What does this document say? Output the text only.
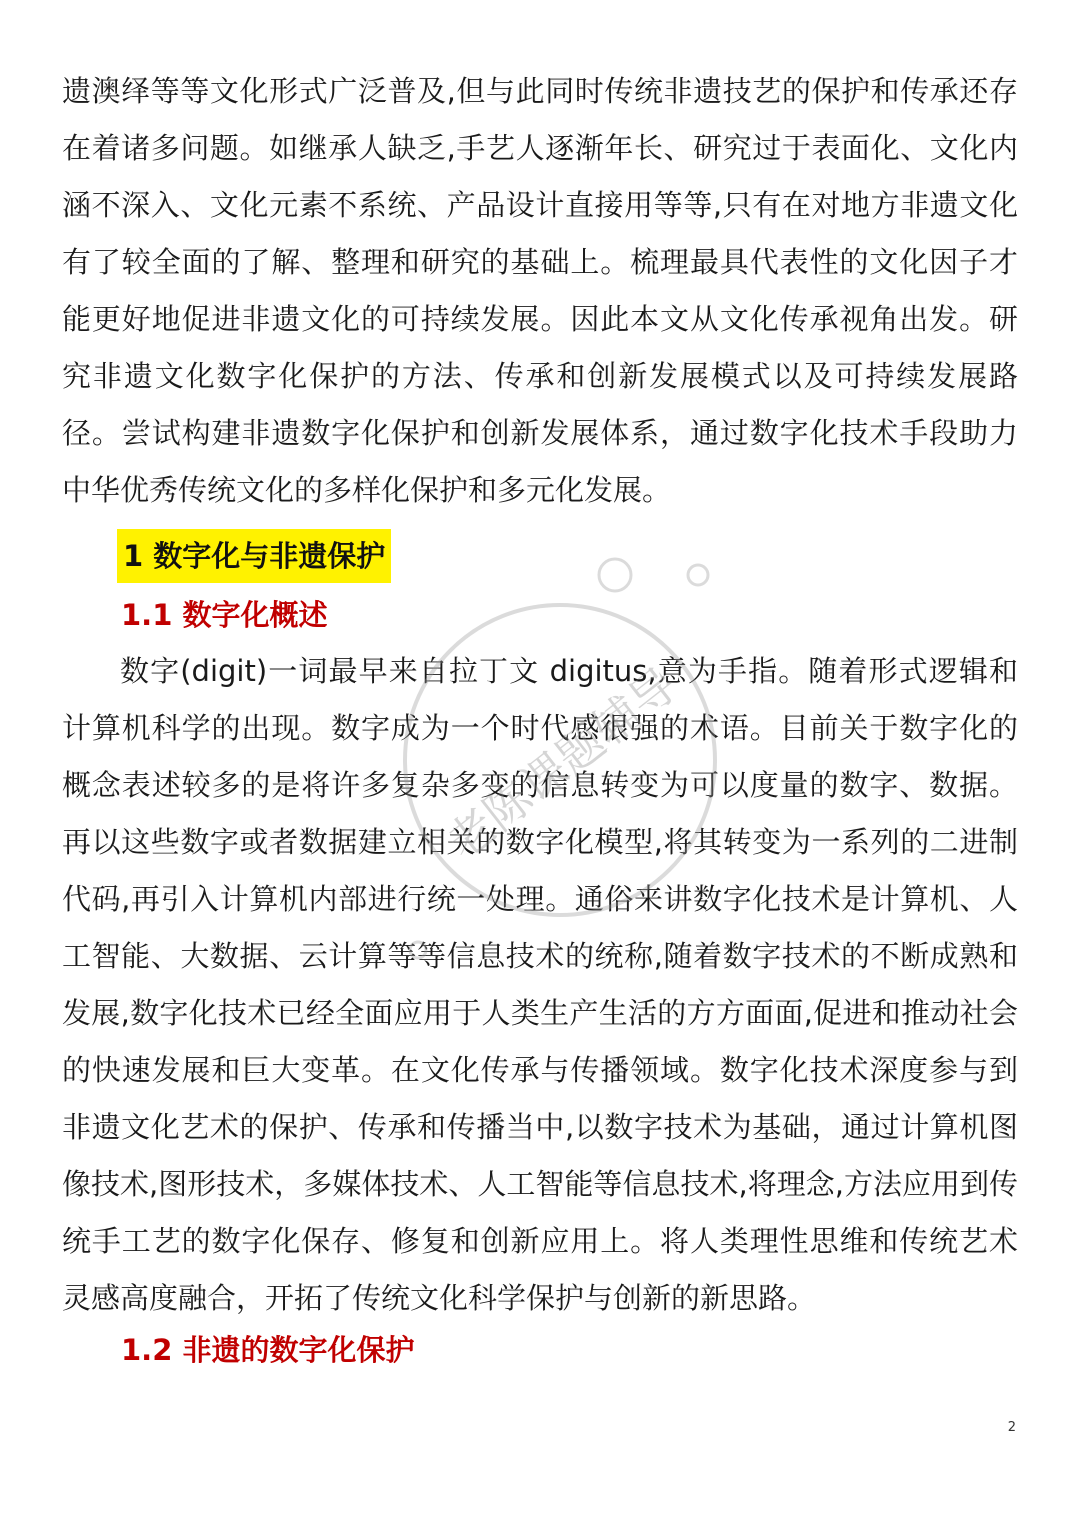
遗澳绎等等文化形式广泛普及,但与此同时传统非遗技艺的保护和传承还存在着诸多问题。如继承人缺乏,手艺人逐渐年长、研究过于表面化、文化内涵不深入、文化元素不系统、产品设计直接用等等,只有在对地方非遗文化有了较全面的了解、整理和研究的基础上。梳理最具代表性的文化因子才能更好地促进非遗文化的可持续发展。因此本文从文化传承视角出发。研究非遗文化数字化保护的方法、传承和创新发展模式以及可持续发展路径。尝试构建非遗数字化保护和创新发展体系，通过数字化技术手段助力中华优秀传统文化的多样化保护和多元化发展。

1 数字化与非遗保护
1.1 数字化概述

数字(digit)一词最早来自拉丁文 digitus,意为手指。随着形式逻辑和计算机科学的出现。数字成为一个时代感很强的术语。目前关于数字化的概念表述较多的是将许多复杂多变的信息转变为可以度量的数字、数据。再以这些数字或者数据建立相关的数字化模型,将其转变为一系列的二进制代码,再引入计算机内部进行统一处理。通俗来讲数字化技术是计算机、人工智能、大数据、云计算等等信息技术的统称,随着数字技术的不断成熟和发展,数字化技术已经全面应用于人类生产生活的方方面面,促进和推动社会的快速发展和巨大变革。在文化传承与传播领域。数字化技术深度参与到非遗文化艺术的保护、传承和传播当中,以数字技术为基础，通过计算机图像技术,图形技术，多媒体技术、人工智能等信息技术,将理念,方法应用到传统手工艺的数字化保存、修复和创新应用上。将人类理性思维和传统艺术灵感高度融合，开拓了传统文化科学保护与创新的新思路。

1.2 非遗的数字化保护
2
老陈课题辅导
